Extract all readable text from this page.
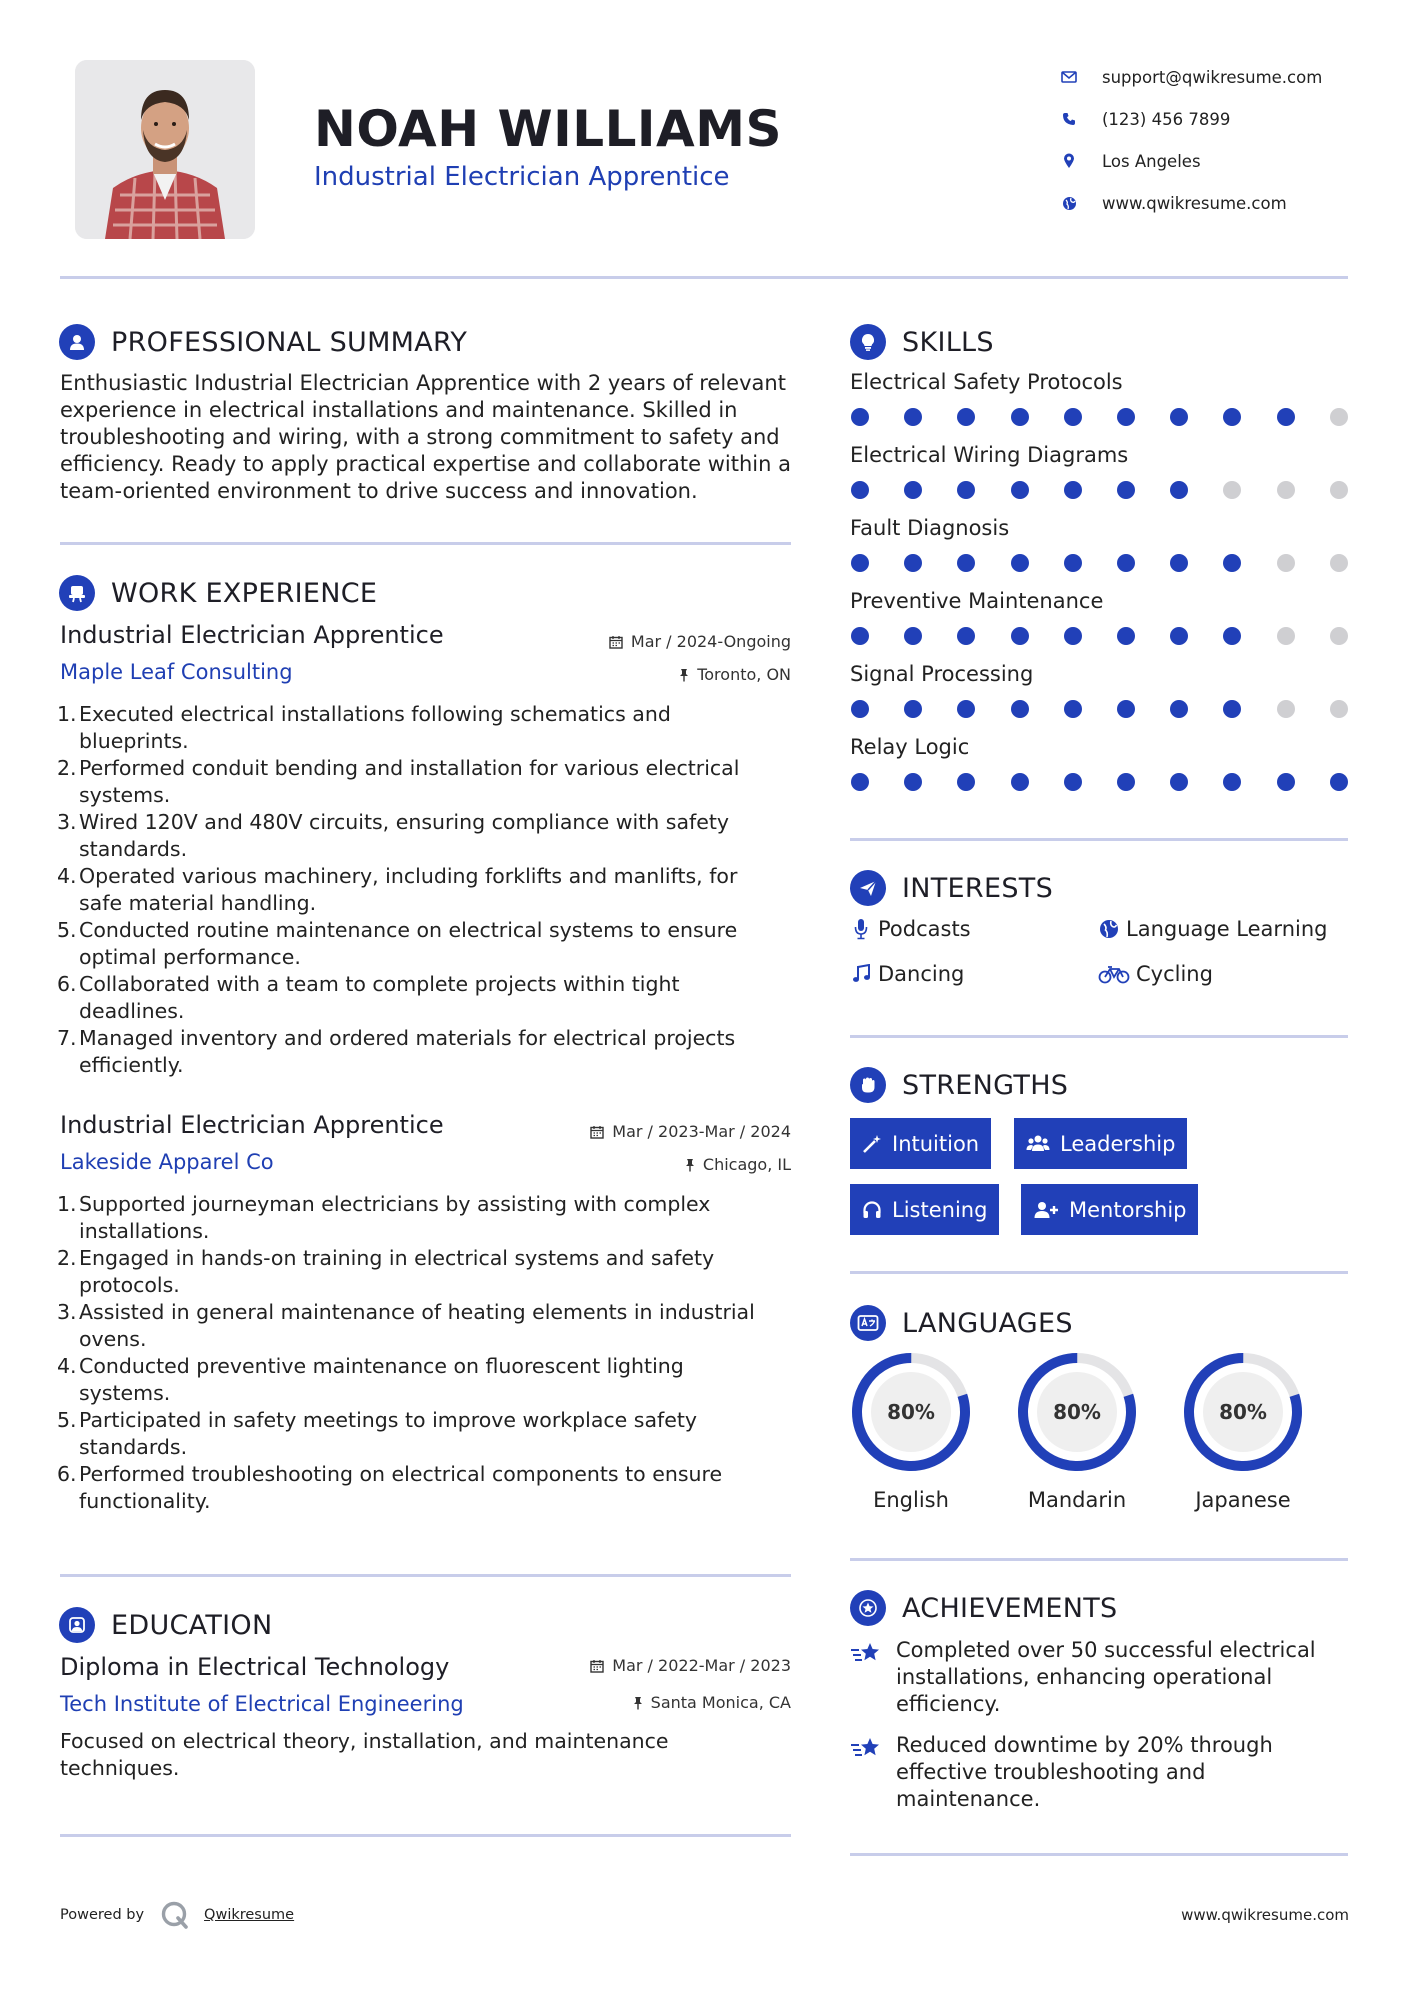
NOAH WILLIAMS
Industrial Electrician Apprentice
support@qwikresume.com
(123) 456 7899
Los Angeles
www.qwikresume.com
PROFESSIONAL SUMMARY
Enthusiastic Industrial Electrician Apprentice with 2 years of relevant experience in electrical installations and maintenance. Skilled in troubleshooting and wiring, with a strong commitment to safety and efficiency. Ready to apply practical expertise and collaborate within a team-oriented environment to drive success and innovation.
WORK EXPERIENCE
Industrial Electrician Apprentice	Mar / 2024-Ongoing
Maple Leaf Consulting	Toronto, ON
1. Executed electrical installations following schematics and blueprints.
2. Performed conduit bending and installation for various electrical systems.
3. Wired 120V and 480V circuits, ensuring compliance with safety standards.
4. Operated various machinery, including forklifts and manlifts, for safe material handling.
5. Conducted routine maintenance on electrical systems to ensure optimal performance.
6. Collaborated with a team to complete projects within tight deadlines.
7. Managed inventory and ordered materials for electrical projects efficiently.
Industrial Electrician Apprentice	Mar / 2023-Mar / 2024
Lakeside Apparel Co	Chicago, IL
1. Supported journeyman electricians by assisting with complex installations.
2. Engaged in hands-on training in electrical systems and safety protocols.
3. Assisted in general maintenance of heating elements in industrial ovens.
4. Conducted preventive maintenance on fluorescent lighting systems.
5. Participated in safety meetings to improve workplace safety standards.
6. Performed troubleshooting on electrical components to ensure functionality.
EDUCATION
Diploma in Electrical Technology	Mar / 2022-Mar / 2023
Tech Institute of Electrical Engineering	Santa Monica, CA
Focused on electrical theory, installation, and maintenance techniques.
SKILLS
Electrical Safety Protocols
Electrical Wiring Diagrams
Fault Diagnosis
Preventive Maintenance
Signal Processing
Relay Logic
INTERESTS
Podcasts	Language Learning
Dancing	Cycling
STRENGTHS
Intuition	Leadership
Listening	Mentorship
LANGUAGES
80%
English
80%
Mandarin
80%
Japanese
ACHIEVEMENTS
Completed over 50 successful electrical installations, enhancing operational efficiency.
Reduced downtime by 20% through effective troubleshooting and maintenance.
Powered by	Qwikresume	www.qwikresume.com
